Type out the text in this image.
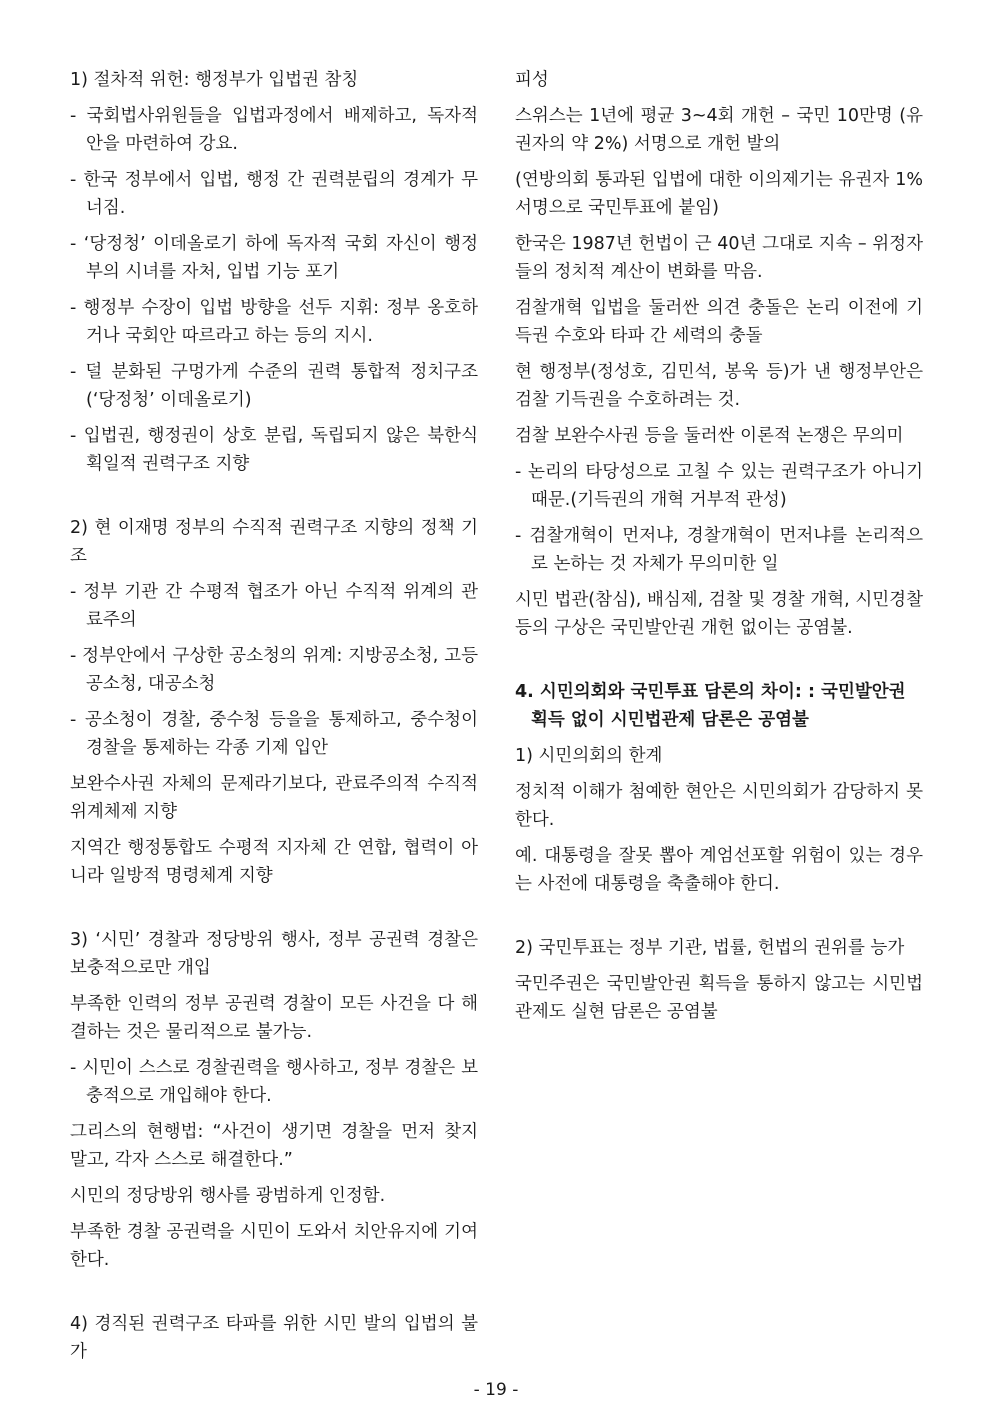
1) 절차적 위헌: 행정부가 입법권 참칭

- 국회법사위원들을 입법과정에서 배제하고, 독자적 안을 마련하여 강요.

- 한국 정부에서 입법, 행정 간 권력분립의 경계가 무너짐.

- ‘당정청’ 이데올로기 하에 독자적 국회 자신이 행정부의 시녀를 자처, 입법 기능 포기

- 행정부 수장이 입법 방향을 선두 지휘: 정부 옹호하거나 국회안 따르라고 하는 등의 지시.

- 덜 분화된 구멍가게 수준의 권력 통합적 정치구조(‘당정청’ 이데올로기)

- 입법권, 행정권이 상호 분립, 독립되지 않은 북한식 획일적 권력구조 지향

2) 현 이재명 정부의 수직적 권력구조 지향의 정책 기조

- 정부 기관 간 수평적 협조가 아닌 수직적 위계의 관료주의

- 정부안에서 구상한 공소청의 위계: 지방공소청, 고등공소청, 대공소청

- 공소청이 경찰, 중수청 등을을 통제하고, 중수청이 경찰을 통제하는 각종 기제 입안

보완수사권 자체의 문제라기보다, 관료주의적 수직적 위계체제 지향

지역간 행정통합도 수평적 지자체 간 연합, 협력이 아니라 일방적 명령체계 지향

3) ‘시민’ 경찰과 정당방위 행사, 정부 공권력 경찰은 보충적으로만 개입

부족한 인력의 정부 공권력 경찰이 모든 사건을 다 해결하는 것은 물리적으로 불가능.

- 시민이 스스로 경찰권력을 행사하고, 정부 경찰은 보충적으로 개입해야 한다.

그리스의 현행법: “사건이 생기면 경찰을 먼저 찾지 말고, 각자 스스로 해결한다.”

시민의 정당방위 행사를 광범하게 인정함.

부족한 경찰 공권력을 시민이 도와서 치안유지에 기여한다.

4) 경직된 권력구조 타파를 위한 시민 발의 입법의 불가

피성

스위스는 1년에 평균 3~4회 개헌 – 국민 10만명 (유권자의 약 2%) 서명으로 개헌 발의

(연방의회 통과된 입법에 대한 이의제기는 유권자 1% 서명으로 국민투표에 붙임)

한국은 1987년 헌법이 근 40년 그대로 지속 – 위정자들의 정치적 계산이 변화를 막음.

검찰개혁 입법을 둘러싼 의견 충돌은 논리 이전에 기득권 수호와 타파 간 세력의 충돌

현 행정부(정성호, 김민석, 봉욱 등)가 낸 행정부안은 검찰 기득권을 수호하려는 것.

검찰 보완수사권 등을 둘러싼 이론적 논쟁은 무의미

- 논리의 타당성으로 고칠 수 있는 권력구조가 아니기 때문.(기득권의 개혁 거부적 관성)

- 검찰개혁이 먼저냐, 경찰개혁이 먼저냐를 논리적으로 논하는 것 자체가 무의미한 일

시민 법관(참심), 배심제, 검찰 및 경찰 개혁, 시민경찰 등의 구상은 국민발안권 개헌 없이는 공염불.

4. 시민의회와 국민투표 담론의 차이: : 국민발안권 획득 없이 시민법관제 담론은 공염불

1) 시민의회의 한계

정치적 이해가 첨예한 현안은 시민의회가 감당하지 못한다.

예. 대통령을 잘못 뽑아 계엄선포할 위험이 있는 경우는 사전에 대통령을 축출해야 한디.

2) 국민투표는 정부 기관, 법률, 헌법의 권위를 능가

국민주권은 국민발안권 획득을 통하지 않고는 시민법관제도 실현 담론은 공염불

- 19 -
